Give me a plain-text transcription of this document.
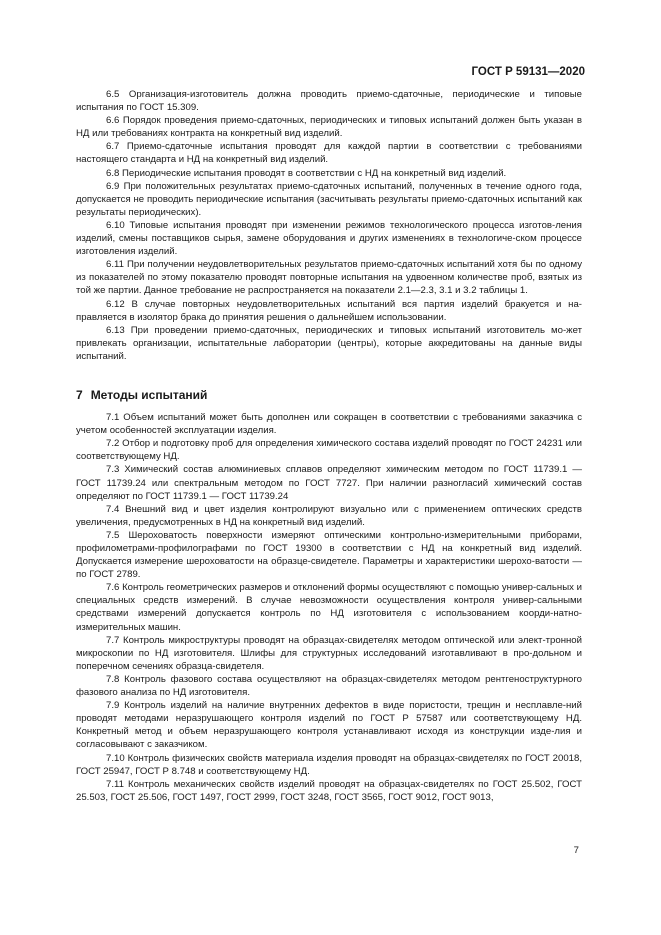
ГОСТ Р 59131—2020

6.5 Организация-изготовитель должна проводить приемо-сдаточные, периодические и типовые испытания по ГОСТ 15.309.

6.6 Порядок проведения приемо-сдаточных, периодических и типовых испытаний должен быть указан в НД или требованиях контракта на конкретный вид изделий.

6.7 Приемо-сдаточные испытания проводят для каждой партии в соответствии с требованиями настоящего стандарта и НД на конкретный вид изделий.

6.8 Периодические испытания проводят в соответствии с НД на конкретный вид изделий.

6.9 При положительных результатах приемо-сдаточных испытаний, полученных в течение одного года, допускается не проводить периодические испытания (засчитывать результаты приемо-сдаточных испытаний как результаты периодических).

6.10 Типовые испытания проводят при изменении режимов технологического процесса изготов-ления изделий, смены поставщиков сырья, замене оборудования и других изменениях в технологиче-ском процессе изготовления изделий.

6.11 При получении неудовлетворительных результатов приемо-сдаточных испытаний хотя бы по одному из показателей по этому показателю проводят повторные испытания на удвоенном количестве проб, взятых из той же партии. Данное требование не распространяется на показатели 2.1—2.3, 3.1 и 3.2 таблицы 1.

6.12 В случае повторных неудовлетворительных испытаний вся партия изделий бракуется и на-правляется в изолятор брака до принятия решения о дальнейшем использовании.

6.13 При проведении приемо-сдаточных, периодических и типовых испытаний изготовитель мо-жет привлекать организации, испытательные лаборатории (центры), которые аккредитованы на данные виды испытаний.

7 Методы испытаний

7.1 Объем испытаний может быть дополнен или сокращен в соответствии с требованиями заказчика с учетом особенностей эксплуатации изделия.

7.2 Отбор и подготовку проб для определения химического состава изделий проводят по ГОСТ 24231 или соответствующему НД.

7.3 Химический состав алюминиевых сплавов определяют химическим методом по ГОСТ 11739.1 — ГОСТ 11739.24 или спектральным методом по ГОСТ 7727. При наличии разногласий химический состав определяют по ГОСТ 11739.1 — ГОСТ 11739.24

7.4 Внешний вид и цвет изделия контролируют визуально или с применением оптических средств увеличения, предусмотренных в НД на конкретный вид изделий.

7.5 Шероховатость поверхности измеряют оптическими контрольно-измерительными приборами, профилометрами-профилографами по ГОСТ 19300 в соответствии с НД на конкретный вид изделий. Допускается измерение шероховатости на образце-свидетеле. Параметры и характеристики шерохо-ватости — по ГОСТ 2789.

7.6 Контроль геометрических размеров и отклонений формы осуществляют с помощью универ-сальных и специальных средств измерений. В случае невозможности осуществления контроля универ-сальными средствами измерений допускается контроль по НД изготовителя с использованием коорди-натно-измерительных машин.

7.7 Контроль микроструктуры проводят на образцах-свидетелях методом оптической или элект-тронной микроскопии по НД изготовителя. Шлифы для структурных исследований изготавливают в про-дольном и поперечном сечениях образца-свидетеля.

7.8 Контроль фазового состава осуществляют на образцах-свидетелях методом рентгеноструктурного фазового анализа по НД изготовителя.

7.9 Контроль изделий на наличие внутренних дефектов в виде пористости, трещин и несплавле-ний проводят методами неразрушающего контроля изделий по ГОСТ Р 57587 или соответствующему НД. Конкретный метод и объем неразрушающего контроля устанавливают исходя из конструкции изде-лия и согласовывают с заказчиком.

7.10 Контроль физических свойств материала изделия проводят на образцах-свидетелях по ГОСТ 20018, ГОСТ 25947, ГОСТ Р 8.748 и соответствующему НД.

7.11 Контроль механических свойств изделий проводят на образцах-свидетелях по ГОСТ 25.502, ГОСТ 25.503, ГОСТ 25.506, ГОСТ 1497, ГОСТ 2999, ГОСТ 3248, ГОСТ 3565, ГОСТ 9012, ГОСТ 9013,

7
